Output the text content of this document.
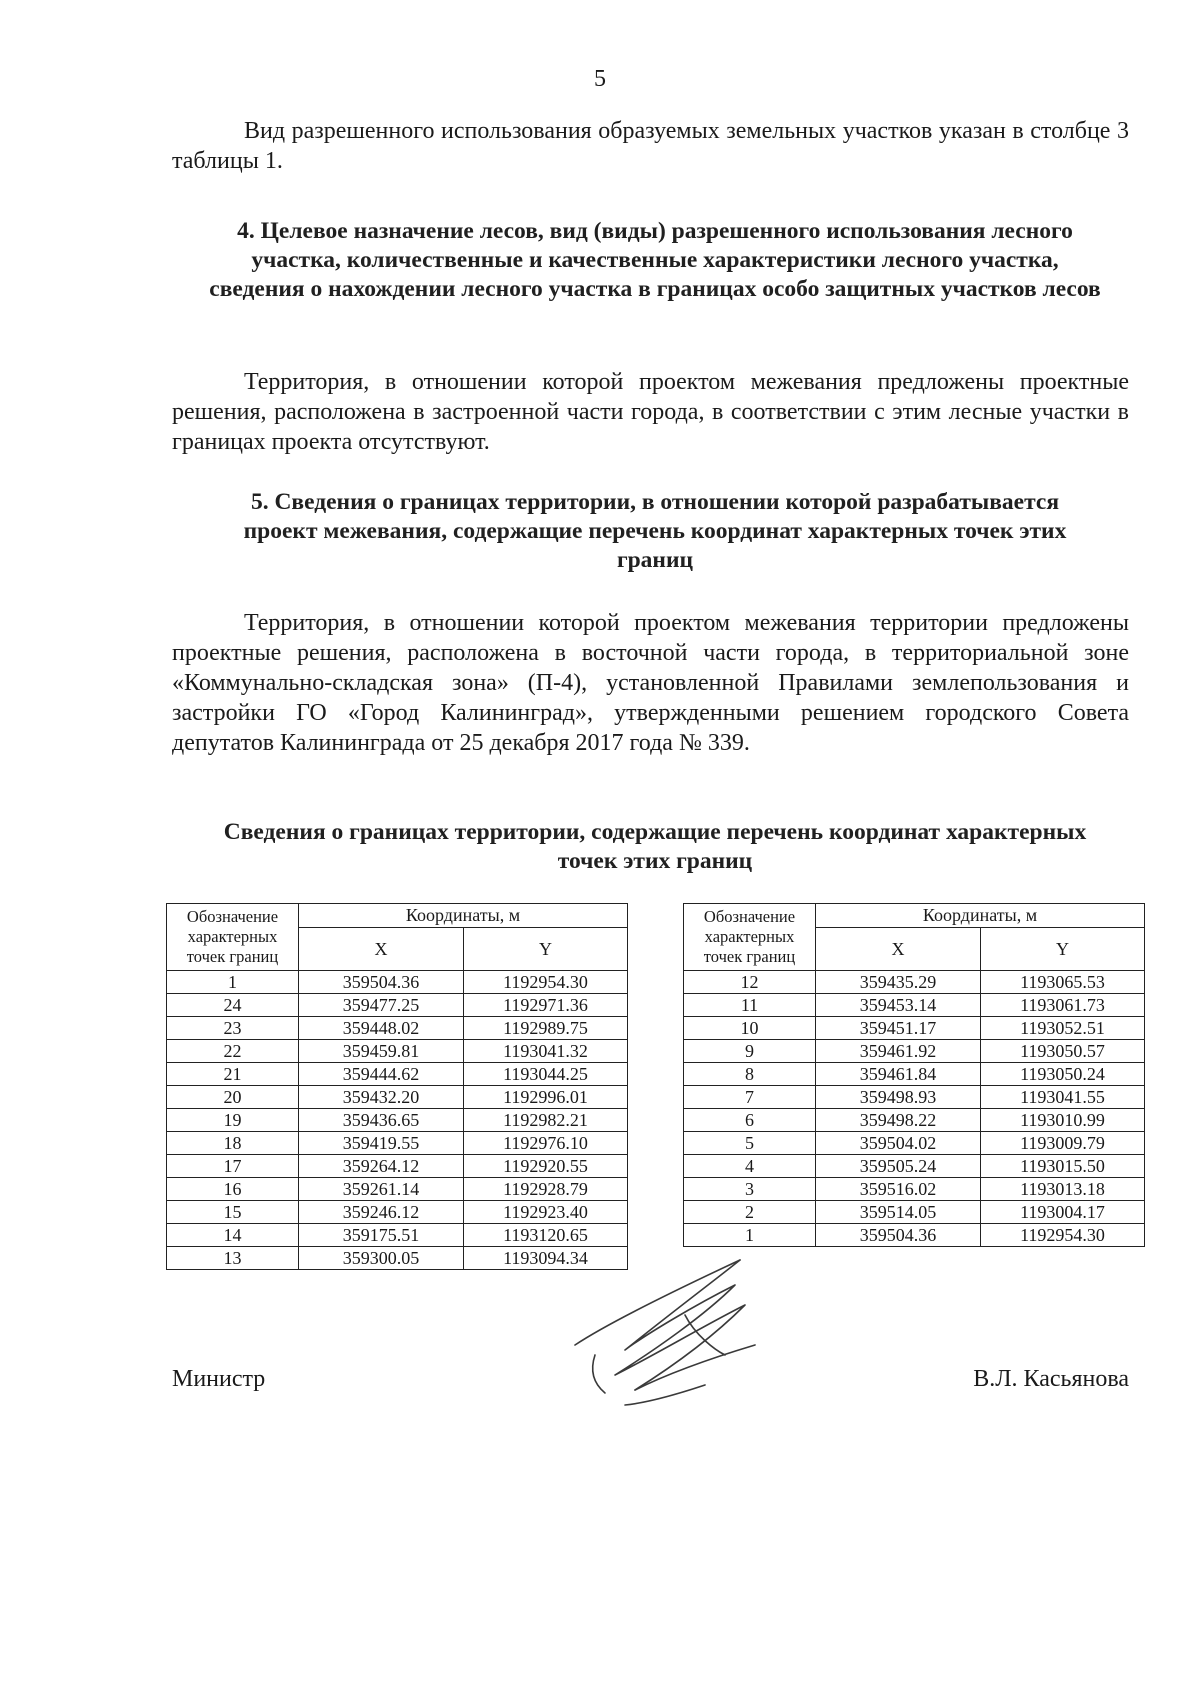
5

Вид разрешенного использования образуемых земельных участков указан в столбце 3 таблицы 1.

4. Целевое назначение лесов, вид (виды) разрешенного использования лесного участка, количественные и качественные характеристики лесного участка, сведения о нахождении лесного участка в границах особо защитных участков лесов

Территория, в отношении которой проектом межевания предложены проектные решения, расположена в застроенной части города, в соответствии с этим лесные участки в границах проекта отсутствуют.

5. Сведения о границах территории, в отношении которой разрабатывается проект межевания, содержащие перечень координат характерных точек этих границ

Территория, в отношении которой проектом межевания территории предложены проектные решения, расположена в восточной части города, в территориальной зоне «Коммунально-складская зона» (П-4), установленной Правилами землепользования и застройки ГО «Город Калининград», утвержденными решением городского Совета депутатов Калининграда от 25 декабря 2017 года № 339.

Сведения о границах территории, содержащие перечень координат характерных точек этих границ

Обозначение характерных точек границ	Координаты, м	
	X	Y
1	359504.36	1192954.30
24	359477.25	1192971.36
23	359448.02	1192989.75
22	359459.81	1193041.32
21	359444.62	1193044.25
20	359432.20	1192996.01
19	359436.65	1192982.21
18	359419.55	1192976.10
17	359264.12	1192920.55
16	359261.14	1192928.79
15	359246.12	1192923.40
14	359175.51	1193120.65
13	359300.05	1193094.34
Обозначение характерных точек границ	Координаты, м	
	X	Y
12	359435.29	1193065.53
11	359453.14	1193061.73
10	359451.17	1193052.51
9	359461.92	1193050.57
8	359461.84	1193050.24
7	359498.93	1193041.55
6	359498.22	1193010.99
5	359504.02	1193009.79
4	359505.24	1193015.50
3	359516.02	1193013.18
2	359514.05	1193004.17
1	359504.36	1192954.30
Министр	В.Л. Касьянова
